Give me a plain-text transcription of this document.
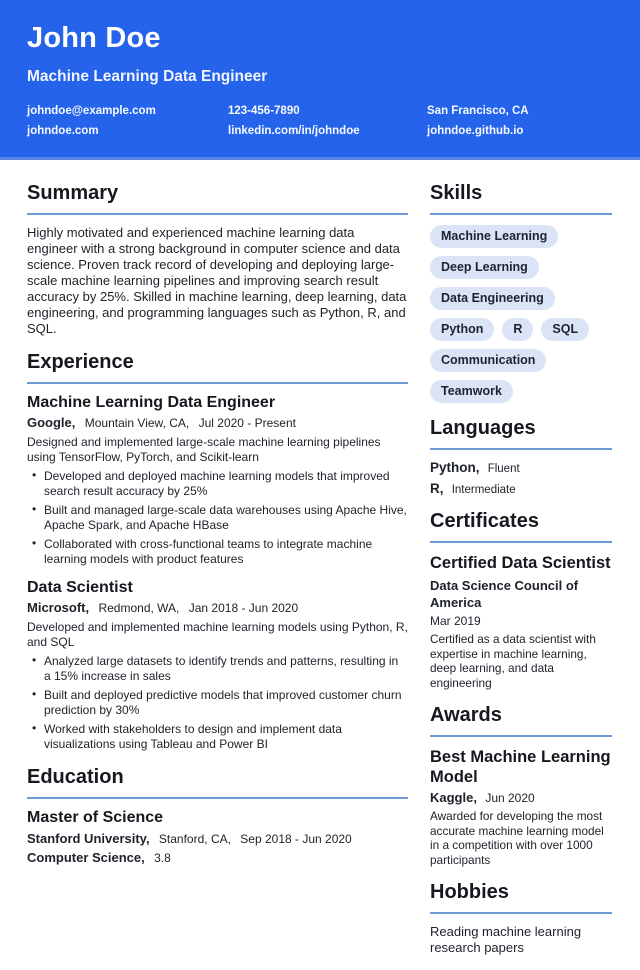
John Doe
Machine Learning Data Engineer
johndoe@example.com
johndoe.com
123-456-7890
linkedin.com/in/johndoe
San Francisco, CA
johndoe.github.io
Summary

Highly motivated and experienced machine learning data engineer with a strong background in computer science and data science. Proven track record of developing and deploying large-scale machine learning pipelines and improving search result accuracy by 25%. Skilled in machine learning, deep learning, data engineering, and programming languages such as Python, R, and SQL.

Experience
Machine Learning Data Engineer
Google, Mountain View, CA, Jul 2020 - Present
Designed and implemented large-scale machine learning pipelines using TensorFlow, PyTorch, and Scikit-learn
• Developed and deployed machine learning models that improved search result accuracy by 25%
• Built and managed large-scale data warehouses using Apache Hive, Apache Spark, and Apache HBase
• Collaborated with cross-functional teams to integrate machine learning models with product features
Data Scientist
Microsoft, Redmond, WA, Jan 2018 - Jun 2020
Developed and implemented machine learning models using Python, R, and SQL
• Analyzed large datasets to identify trends and patterns, resulting in a 15% increase in sales
• Built and deployed predictive models that improved customer churn prediction by 30%
• Worked with stakeholders to design and implement data visualizations using Tableau and Power BI
Education
Master of Science
Stanford University, Stanford, CA, Sep 2018 - Jun 2020
Computer Science, 3.8
Skills
Machine Learning
Deep Learning
Data Engineering
Python	R	SQL
Communication
Teamwork
Languages
Python, Fluent
R, Intermediate
Certificates
Certified Data Scientist
Data Science Council of America
Mar 2019
Certified as a data scientist with expertise in machine learning, deep learning, and data engineering
Awards
Best Machine Learning Model
Kaggle, Jun 2020
Awarded for developing the most accurate machine learning model in a competition with over 1000 participants
Hobbies
Reading machine learning research papers
